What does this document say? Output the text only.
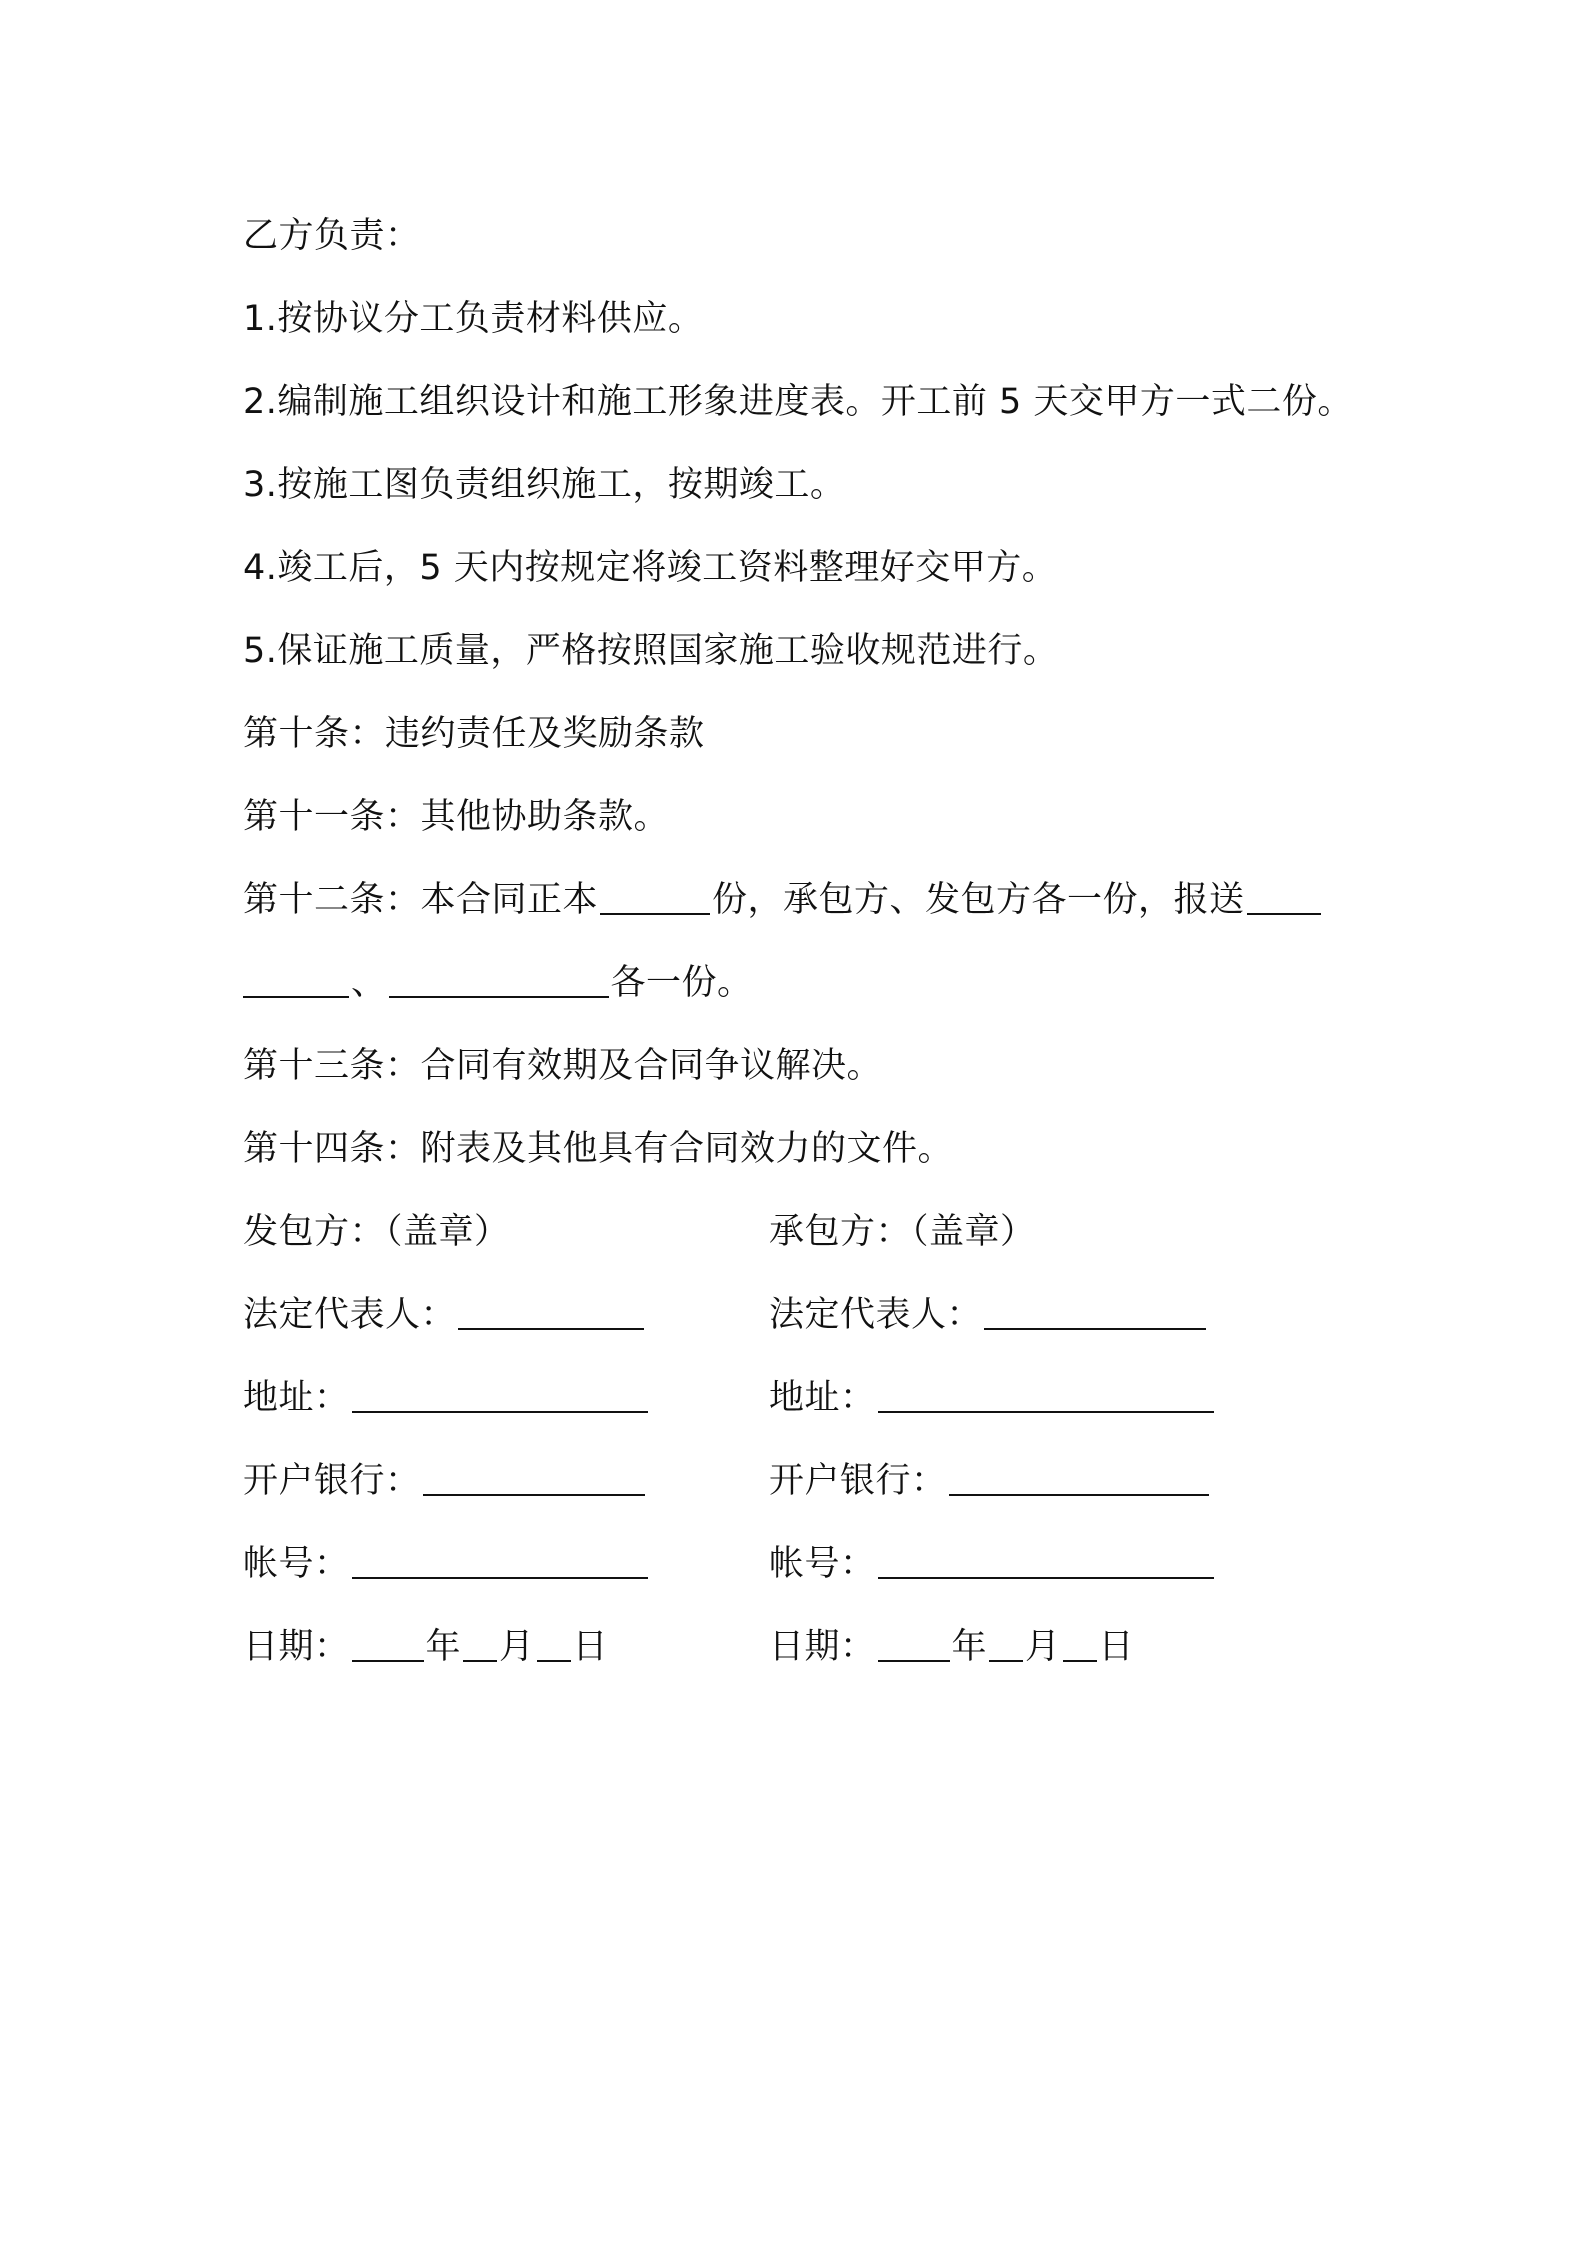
乙方负责：
1.按协议分工负责材料供应。
2.编制施工组织设计和施工形象进度表。开工前 5 天交甲方一式二份。
3.按施工图负责组织施工，按期竣工。
4.竣工后，5 天内按规定将竣工资料整理好交甲方。
5.保证施工质量，严格按照国家施工验收规范进行。
第十条：违约责任及奖励条款
第十一条：其他协助条款。
第十二条：本合同正本	份，承包方、发包方各一份，报送
、	各一份。
第十三条：合同有效期及合同争议解决。
第十四条：附表及其他具有合同效力的文件。
发包方：（盖章）	承包方：（盖章）
法定代表人：	法定代表人：
地址：	地址：
开户银行：	开户银行：
帐号：	帐号：
日期： 年 月 日	日期： 年 月 日
